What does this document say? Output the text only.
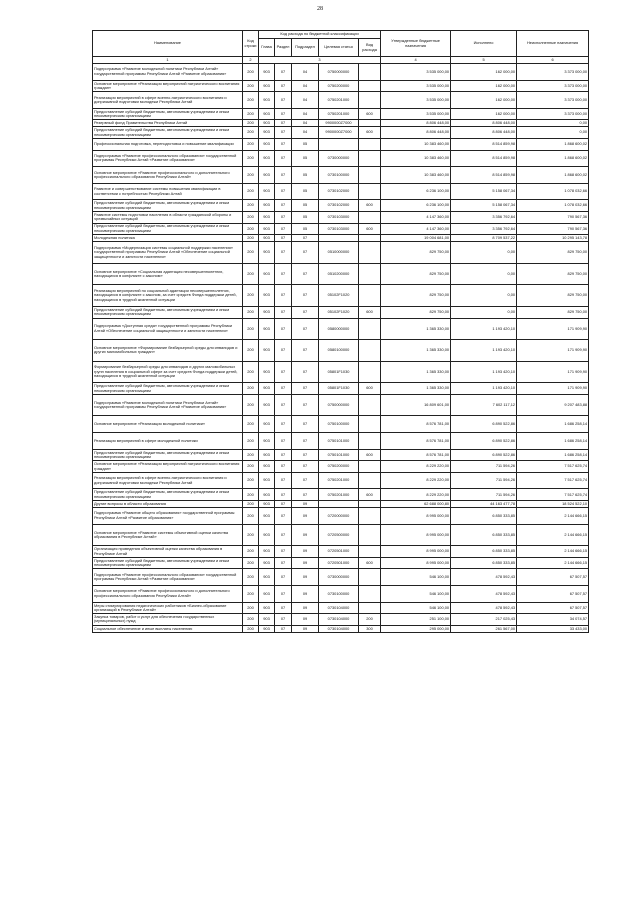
28
Наименование	Код строки	Код расхода по бюджетной классификации					Утвержденные бюджетные назначения	Исполнено	Неисполненные назначения
		Глава	Раздел	Подраздел	Целевая статья	Вид расхода			
1	2	3					4	5	6
Подпрограмма «Развитие молодежной политики Республики Алтай» государственной программы Республики Алтай «Развитие образования»	200	903	07	04	0750000000		3 535 000,00	162 000,00	3 373 000,00
Основное мероприятие «Реализация мероприятий патриотического воспитания граждан»	200	903	07	04	0750200000		3 535 000,00	162 000,00	3 373 000,00
Реализация мероприятий в сфере военно-патриотического воспитания и допризывной подготовки молодежи Республики Алтай	200	903	07	04	0750201000		3 535 000,00	162 000,00	3 373 000,00
Предоставление субсидий бюджетным, автономным учреждениям и иным некоммерческим организациям	200	903	07	04	0750201000	600	3 535 000,00	162 000,00	3 373 000,00
Резервный фонд Правительства Республики Алтай	200	903	07	04	9900000Z7000		8 806 448,00	8 806 448,00	0,00
Предоставление субсидий бюджетным, автономным учреждениям и иным некоммерческим организациям	200	903	07	04	9900000Z7000	600	8 806 448,00	8 806 448,00	0,00
Профессиональная подготовка, переподготовка и повышение квалификации	200	903	07	05			10 383 460,00	8 514 859,98	1 868 600,02
Подпрограмма «Развитие профессионального образования» государственной программы Республики Алтай «Развитие образования»	200	903	07	05	0730000000		10 383 460,00	8 514 859,98	1 868 600,02
Основное мероприятие «Развитие профессионального и дополнительного профессионального образования Республики Алтай»	200	903	07	05	0730100000		10 383 460,00	8 514 859,98	1 868 600,02
Развитие и совершенствование системы повышения квалификации в соответствии с потребностью Республики Алтай	200	903	07	05	0730102000		6 236 100,00	5 158 067,34	1 078 032,66
Предоставление субсидий бюджетным, автономным учреждениям и иным некоммерческим организациям	200	903	07	05	0730102000	600	6 236 100,00	5 158 067,34	1 078 032,66
Развитие системы подготовки населения в области гражданской обороны и чрезвычайных ситуаций	200	903	07	05	0730103000		4 147 360,00	3 356 792,64	790 567,36
Предоставление субсидий бюджетным, автономным учреждениям и иным некоммерческим организациям	200	903	07	05	0730103000	600	4 147 360,00	3 356 792,64	790 567,36
Молодежная политика	200	903	07	07			19 004 681,00	8 709 537,22	10 295 143,78
Подпрограмма «Модернизация системы социальной поддержки населения» государственной программы Республики Алтай «Обеспечение социальной защищенности и занятости населения»	200	903	07	07	0510000000		829 750,00	0,00	829 750,00
Основное мероприятие «Социальная адаптация несовершеннолетних, находящихся в конфликте с законом»	200	903	07	07	0510200000		829 750,00	0,00	829 750,00
Реализация мероприятий по социальной адаптации несовершеннолетних, находящихся в конфликте с законом, за счет средств Фонда поддержки детей, находящихся в трудной жизненной ситуации	200	903	07	07	05102F1020		829 750,00	0,00	829 750,00
Предоставление субсидий бюджетным, автономным учреждениям и иным некоммерческим организациям	200	903	07	07	05102F1020	600	829 750,00	0,00	829 750,00
Подпрограмма «Доступная среда» государственной программы Республики Алтай «Обеспечение социальной защищенности и занятости населения»	200	903	07	07	0580000000		1 365 330,00	1 193 420,10	171 909,90
Основное мероприятие «Формирование безбарьерной среды для инвалидов и других маломобильных граждан»	200	903	07	07	0580100000		1 365 330,00	1 193 420,10	171 909,90
Формирование безбарьерной среды для инвалидов и других маломобильных групп населения в социальной сфере за счет средств Фонда поддержки детей, находящихся в трудной жизненной ситуации	200	903	07	07	05801F1030		1 365 330,00	1 193 420,10	171 909,90
Предоставление субсидий бюджетным, автономным учреждениям и иным некоммерческим организациям	200	903	07	07	05801F1030	600	1 365 330,00	1 193 420,10	171 909,90
Подпрограмма «Развитие молодежной политики Республики Алтай» государственной программы Республики Алтай «Развитие образования»	200	903	07	07	0750000000		16 809 601,00	7 602 117,12	9 207 483,88
Основное мероприятие «Реализация молодежной политики»	200	903	07	07	0750100000		8 576 781,00	6 890 522,86	1 686 258,14
Реализация мероприятий в сфере молодежной политики	200	903	07	07	0750101000		8 576 781,00	6 890 522,86	1 686 258,14
Предоставление субсидий бюджетным, автономным учреждениям и иным некоммерческим организациям	200	903	07	07	0750101000	600	8 576 781,00	6 890 522,86	1 686 258,14
Основное мероприятие «Реализация мероприятий патриотического воспитания граждан»	200	903	07	07	0750200000		8 229 220,00	711 594,26	7 517 625,74
Реализация мероприятий в сфере военно-патриотического воспитания и допризывной подготовки молодежи Республики Алтай	200	903	07	07	0750201000		8 229 220,00	711 594,26	7 517 625,74
Предоставление субсидий бюджетным, автономным учреждениям и иным некоммерческим организациям	200	903	07	07	0750201000	600	8 229 220,00	711 594,26	7 517 625,74
Другие вопросы в области образования	200	903	07	09			62 688 000,80	44 163 477,78	18 524 522,10
Подпрограмма «Развитие общего образования» государственной программы Республики Алтай «Развитие образования»	200	903	07	09	0720000000		8 995 000,00	6 850 333,85	2 144 666,15
Основное мероприятие «Развитие системы объективной оценки качества образования в Республике Алтай»	200	903	07	09	0720500000		8 995 000,00	6 850 333,85	2 144 666,15
Организация проведения объективной оценки качества образования в Республике Алтай	200	903	07	09	0720501000		8 995 000,00	6 850 333,85	2 144 666,15
Предоставление субсидий бюджетным, автономным учреждениям и иным некоммерческим организациям	200	903	07	09	0720501000	600	8 995 000,00	6 850 333,85	2 144 666,15
Подпрограмма «Развитие профессионального образования» государственной программы Республики Алтай «Развитие образования»	200	903	07	09	0730000000		546 100,00	478 592,43	67 507,57
Основное мероприятие «Развитие профессионального и дополнительного профессионального образования Республики Алтай»	200	903	07	09	0730100000		546 100,00	478 592,43	67 507,57
Меры стимулирования педагогических работников «Бизнес-образование организаций в Республике Алтай»	200	903	07	09	0730104000		546 100,00	478 592,43	67 507,57
Закупка товаров, работ и услуг для обеспечения государственных (муниципальных) нужд	200	903	07	09	0730104000	200	251 100,00	217 025,43	34 074,57
Социальное обеспечение и иные выплаты населению	200	903	07	09	0730104000	300	295 000,00	261 567,00	33 433,00
